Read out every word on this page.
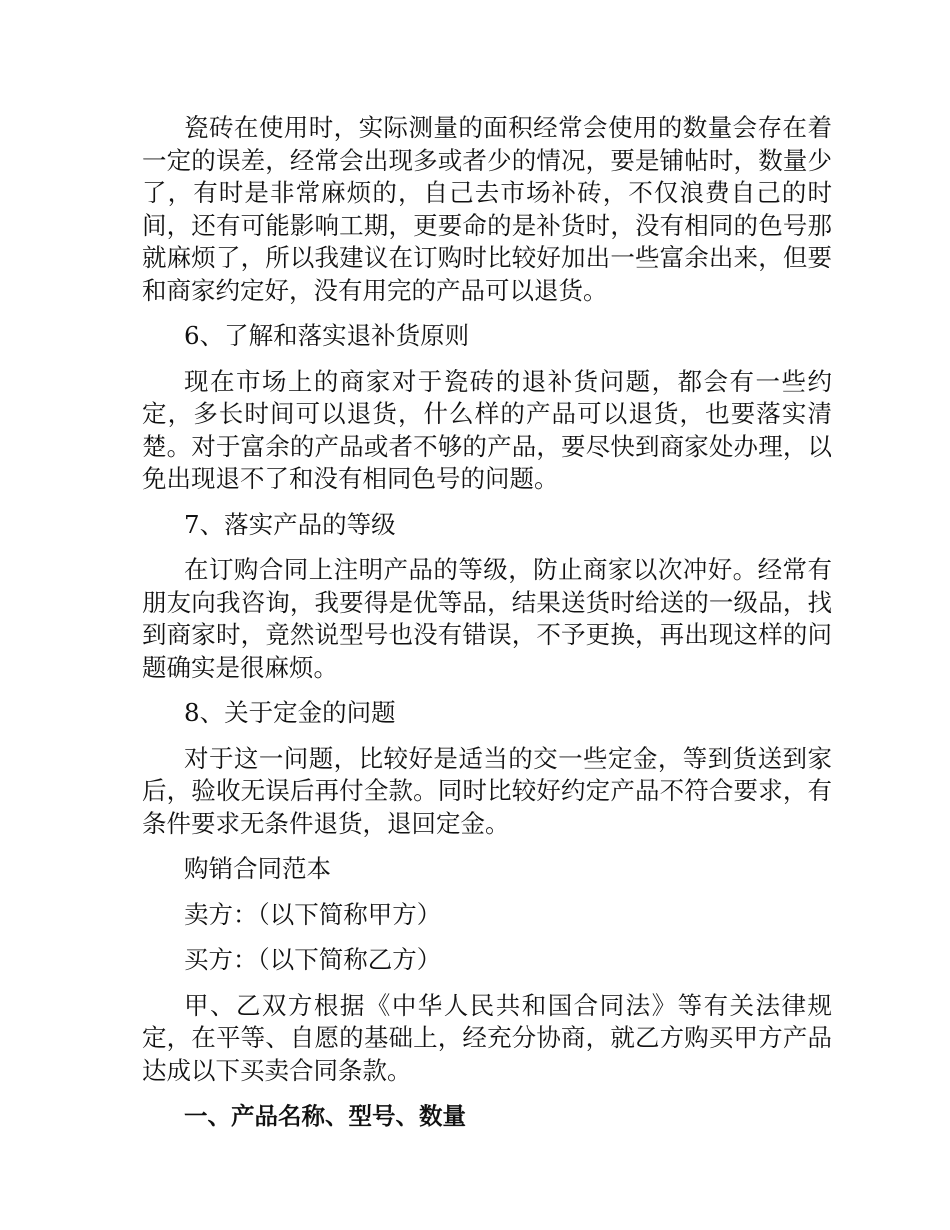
瓷砖在使用时，实际测量的面积经常会使用的数量会存在着一定的误差，经常会出现多或者少的情况，要是铺帖时，数量少了，有时是非常麻烦的，自己去市场补砖，不仅浪费自己的时间，还有可能影响工期，更要命的是补货时，没有相同的色号那就麻烦了，所以我建议在订购时比较好加出一些富余出来，但要和商家约定好，没有用完的产品可以退货。

6、了解和落实退补货原则

现在市场上的商家对于瓷砖的退补货问题，都会有一些约定，多长时间可以退货，什么样的产品可以退货，也要落实清楚。对于富余的产品或者不够的产品，要尽快到商家处办理，以免出现退不了和没有相同色号的问题。

7、落实产品的等级

在订购合同上注明产品的等级，防止商家以次冲好。经常有朋友向我咨询，我要得是优等品，结果送货时给送的一级品，找到商家时，竟然说型号也没有错误，不予更换，再出现这样的问题确实是很麻烦。

8、关于定金的问题

对于这一问题，比较好是适当的交一些定金，等到货送到家后，验收无误后再付全款。同时比较好约定产品不符合要求，有条件要求无条件退货，退回定金。

购销合同范本

卖方：（以下简称甲方）

买方：（以下简称乙方）

甲、乙双方根据《中华人民共和国合同法》等有关法律规定，在平等、自愿的基础上，经充分协商，就乙方购买甲方产品达成以下买卖合同条款。

一、产品名称、型号、数量
